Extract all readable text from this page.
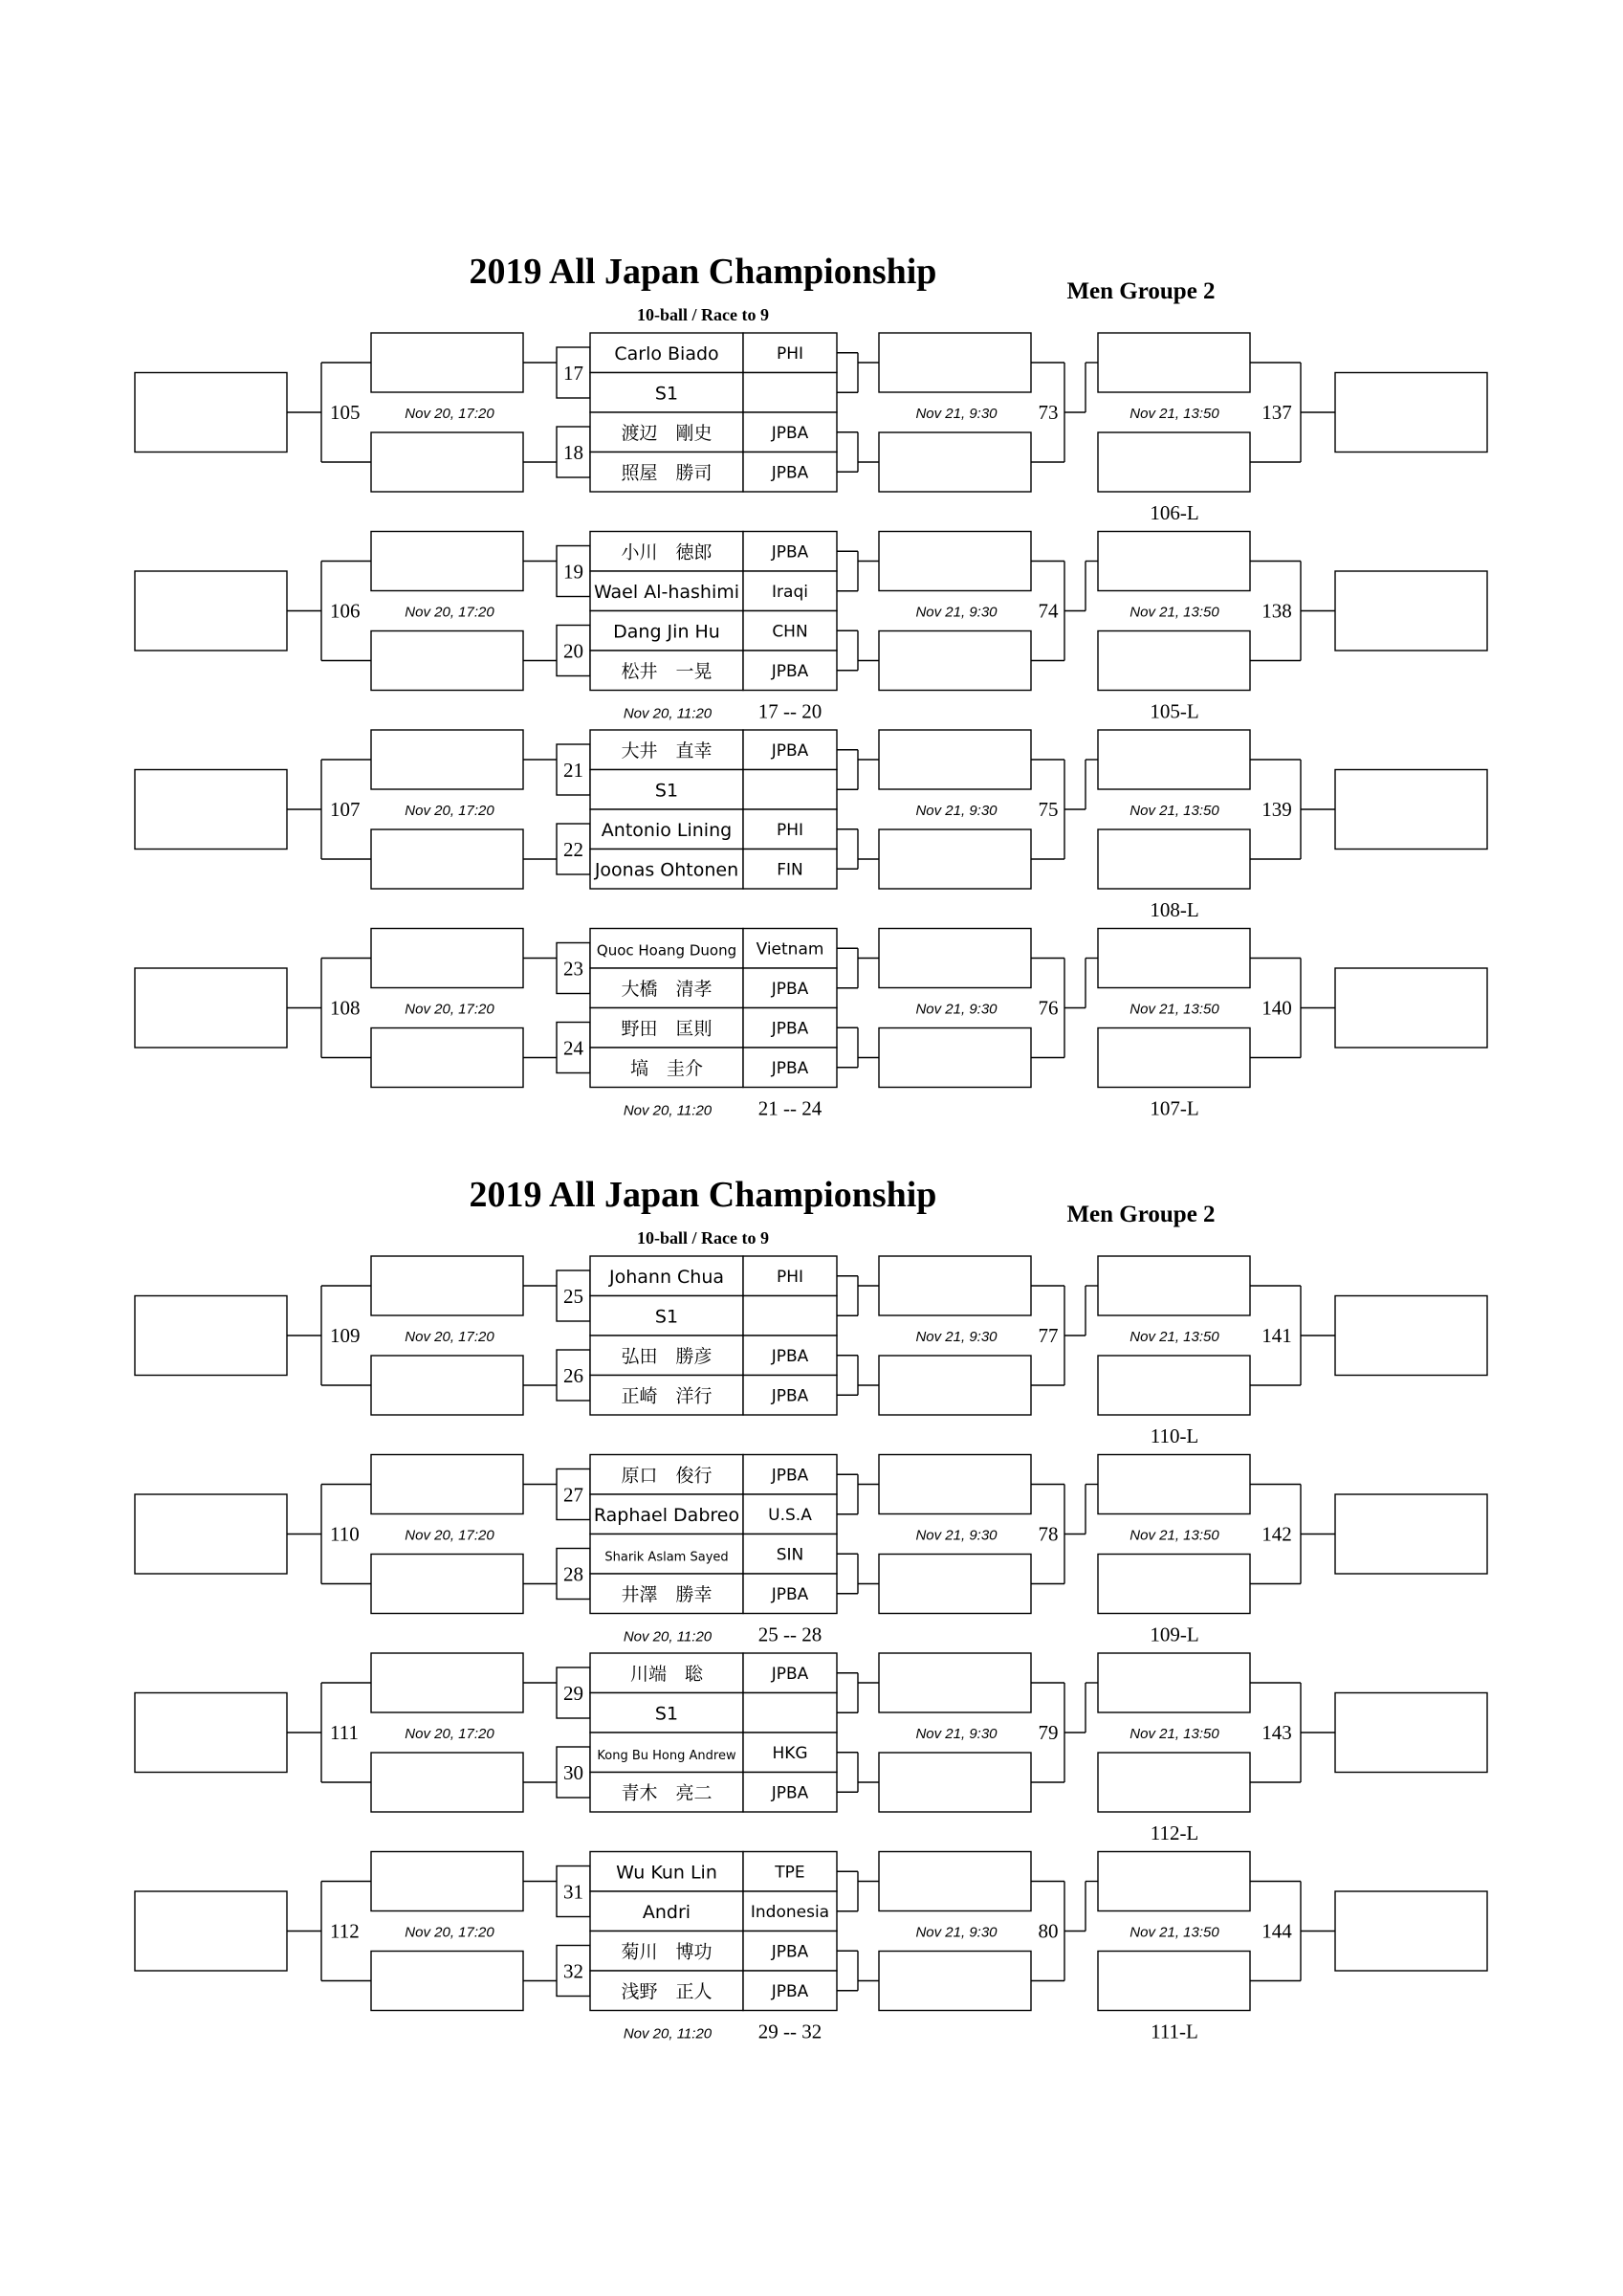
2019 All Japan Championship	Men Groupe 2
10-ball / Race to 9
105	Nov 20, 17:20
17
18
Carlo Biado	PHI
S1
渡辺　剛史	JPBA
照屋　勝司	JPBA
Nov 21, 9:30 73	Nov 21, 13:50 137
106-L
106	Nov 20, 17:20
19
20
小川　徳郎	JPBA
Wael Al-hashimi Iraqi
Dang Jin Hu	CHN
松井　一晃	JPBA
Nov 21, 9:30 74	Nov 21, 13:50 138
105-L
Nov 20, 11:20 17 -- 20
107	Nov 20, 17:20
21
22
大井　直幸	JPBA
S1
Antonio Lining	PHI
Joonas Ohtonen FIN
Nov 21, 9:30 75	Nov 21, 13:50 139
108-L
108	Nov 20, 17:20
23
24
Quoc Hoang Duong Vietnam
大橋　清孝	JPBA
野田　匡則	JPBA
塙　圭介	JPBA
Nov 21, 9:30 76	Nov 21, 13:50 140
107-L
Nov 20, 11:20 21 -- 24
2019 All Japan Championship	Men Groupe 2
10-ball / Race to 9
109	Nov 20, 17:20
25
26
Johann Chua	PHI
S1
弘田　勝彦	JPBA
正崎　洋行	JPBA
Nov 21, 9:30 77	Nov 21, 13:50 141
110-L
110	Nov 20, 17:20
27
28
原口　俊行	JPBA
Raphael Dabreo U.S.A
Sharik Aslam Sayed	SIN
井澤　勝幸	JPBA
Nov 21, 9:30 78	Nov 21, 13:50 142
109-L
Nov 20, 11:20 25 -- 28
111	Nov 20, 17:20
29
30
川端　聡	JPBA
S1
Kong Bu Hong Andrew HKG
青木　亮二	JPBA
Nov 21, 9:30 79	Nov 21, 13:50 143
112-L
112	Nov 20, 17:20
31
32
Wu Kun Lin	TPE
Andri	Indonesia
菊川　博功	JPBA
浅野　正人	JPBA
Nov 21, 9:30 80	Nov 21, 13:50 144
111-L
Nov 20, 11:20 29 -- 32
